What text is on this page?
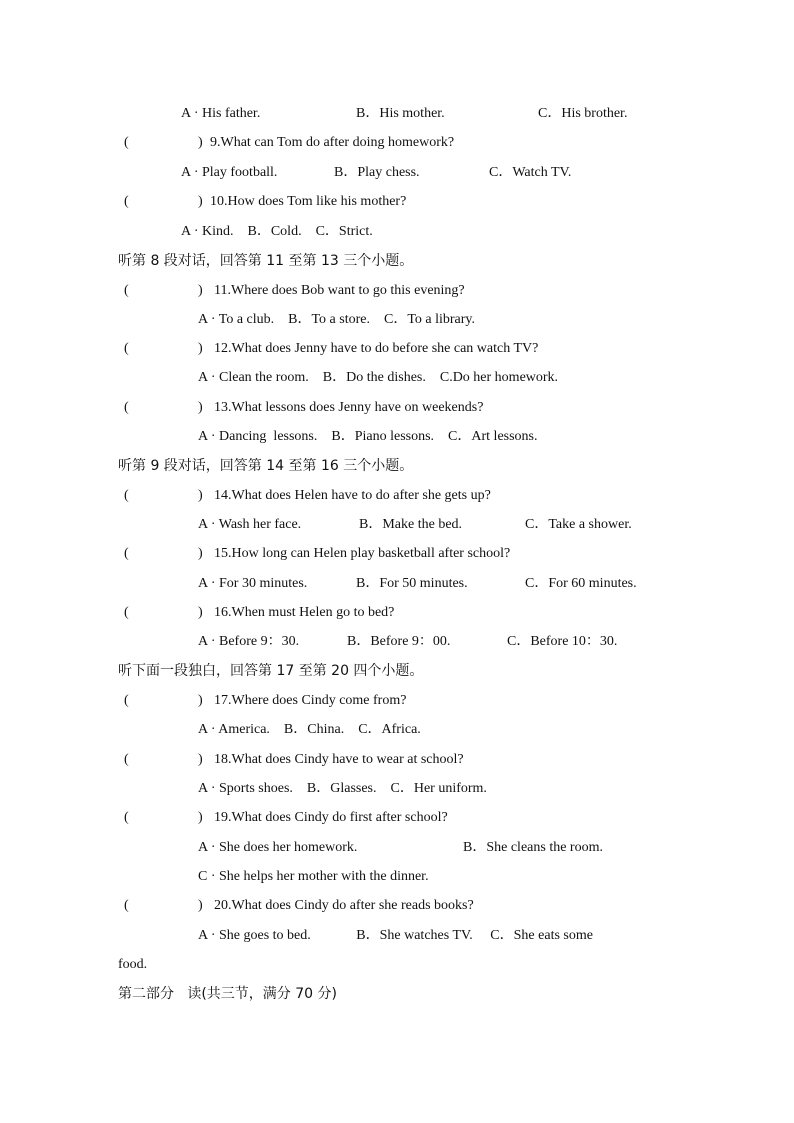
A · His father.	B．His mother.	C．His brother.
(	) 9.What can Tom do after doing homework?
A · Play football.	B．Play chess.	C．Watch TV.
(	) 10.How does Tom like his mother?
A · Kind.    B．Cold.    C．Strict.
听第 8 段对话，回答第 11 至第 13 三个小题。
(	) 11.Where does Bob want to go this evening?
A · To a club.    B．To a store.    C．To a library.
(	) 12.What does Jenny have to do before she can watch TV?
A · Clean the room.    B．Do the dishes.    C.Do her homework.
(	) 13.What lessons does Jenny have on weekends?
A · Dancing  lessons.    B．Piano lessons.    C．Art lessons.
听第 9 段对话，回答第 14 至第 16 三个小题。
(	) 14.What does Helen have to do after she gets up?
A · Wash her face.	B．Make the bed.	C．Take a shower.
(	) 15.How long can Helen play basketball after school?
A · For 30 minutes.	B．For 50 minutes.	C．For 60 minutes.
(	) 16.When must Helen go to bed?
A · Before 9：30.	B．Before 9：00.	C．Before 10：30.
听下面一段独白，回答第 17 至第 20 四个小题。
(	) 17.Where does Cindy come from?
A · America.    B．China.    C．Africa.
(	) 18.What does Cindy have to wear at school?
A · Sports shoes.    B．Glasses.    C．Her uniform.
(	) 19.What does Cindy do first after school?
A · She does her homework.	B．She cleans the room.
C · She helps her mother with the dinner.
(	) 20.What does Cindy do after she reads books?
A · She goes to bed.             B．She watches TV.     C．She eats some
food.
第二部分   读(共三节，满分 70 分)
